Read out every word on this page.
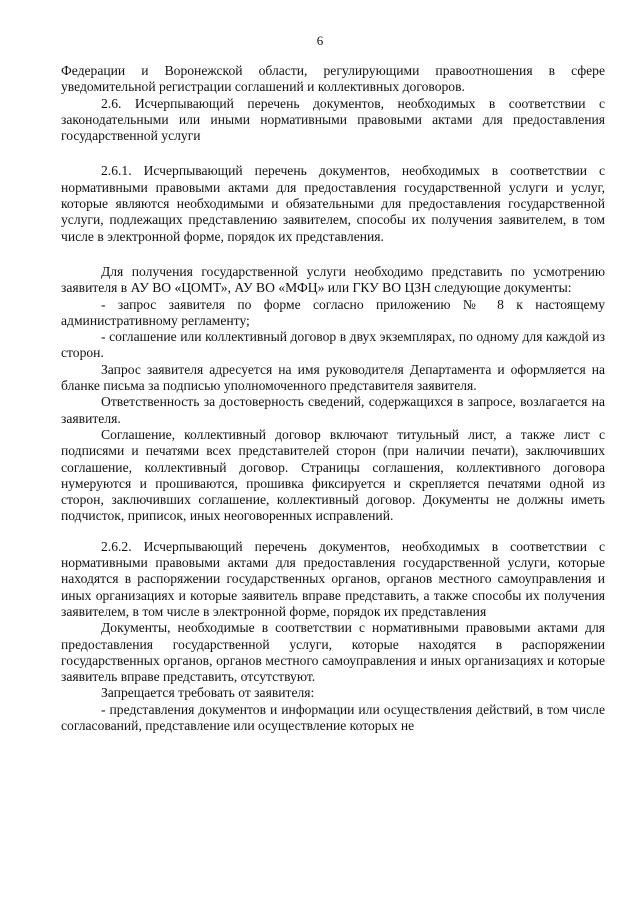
6

Федерации и Воронежской области, регулирующими правоотношения в сфере уведомительной регистрации соглашений и коллективных договоров.

2.6. Исчерпывающий перечень документов, необходимых в соответствии с законодательными или иными нормативными правовыми актами для предоставления государственной услуги

2.6.1. Исчерпывающий перечень документов, необходимых в соответствии с нормативными правовыми актами для предоставления государственной услуги и услуг, которые являются необходимыми и обязательными для предоставления государственной услуги, подлежащих представлению заявителем, способы их получения заявителем, в том числе в электронной форме, порядок их представления.

Для получения государственной услуги необходимо представить по усмотрению заявителя в АУ ВО «ЦОМТ», АУ ВО «МФЦ» или ГКУ ВО ЦЗН следующие документы:

- запрос заявителя по форме согласно приложению № 8 к настоящему административному регламенту;

- соглашение или коллективный договор в двух экземплярах, по одному для каждой из сторон.

Запрос заявителя адресуется на имя руководителя Департамента и оформляется на бланке письма за подписью уполномоченного представителя заявителя.

Ответственность за достоверность сведений, содержащихся в запросе, возлагается на заявителя.

Соглашение, коллективный договор включают титульный лист, а также лист с подписями и печатями всех представителей сторон (при наличии печати), заключивших соглашение, коллективный договор. Страницы соглашения, коллективного договора нумеруются и прошиваются, прошивка фиксируется и скрепляется печатями одной из сторон, заключивших соглашение, коллективный договор. Документы не должны иметь подчисток, приписок, иных неоговоренных исправлений.

2.6.2. Исчерпывающий перечень документов, необходимых в соответствии с нормативными правовыми актами для предоставления государственной услуги, которые находятся в распоряжении государственных органов, органов местного самоуправления и иных организациях и которые заявитель вправе представить, а также способы их получения заявителем, в том числе в электронной форме, порядок их представления

Документы, необходимые в соответствии с нормативными правовыми актами для предоставления государственной услуги, которые находятся в распоряжении государственных органов, органов местного самоуправления и иных организациях и которые заявитель вправе представить, отсутствуют.

Запрещается требовать от заявителя:

- представления документов и информации или осуществления действий, в том числе согласований, представление или осуществление которых не
